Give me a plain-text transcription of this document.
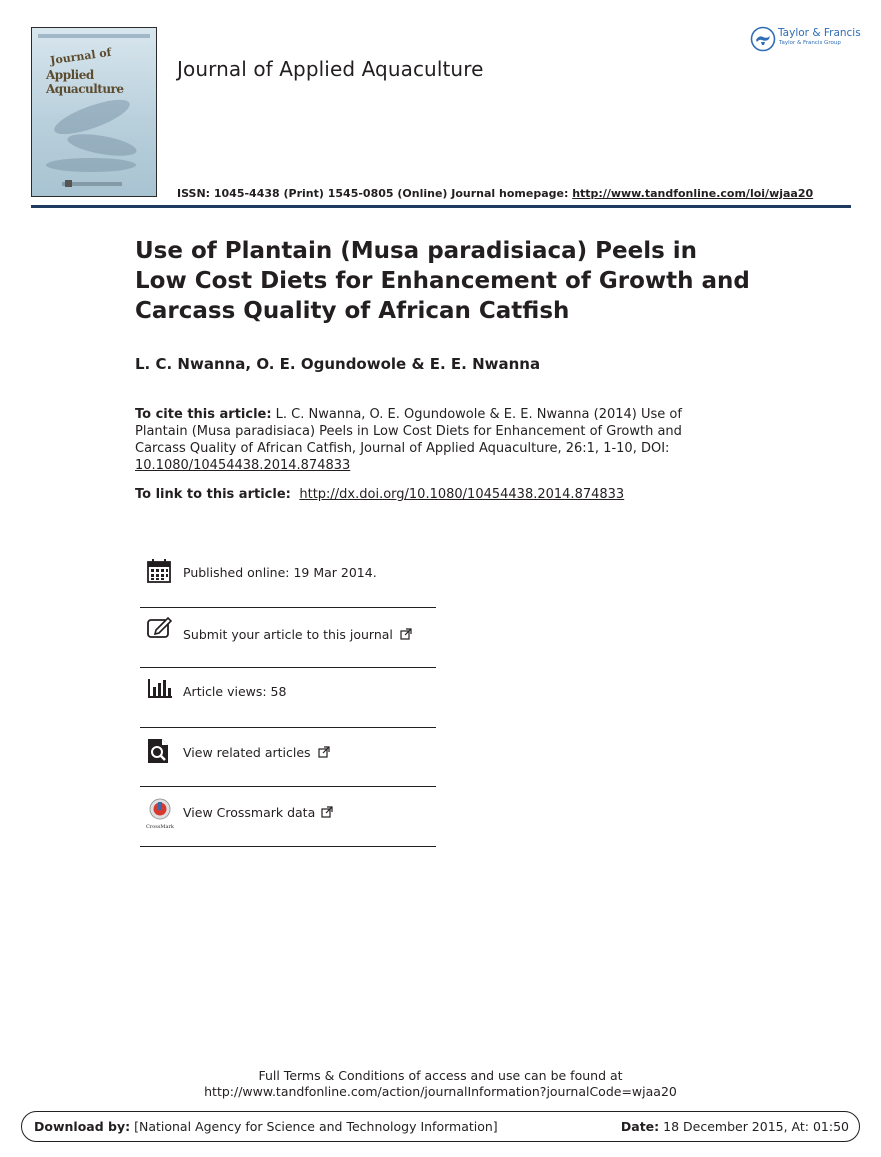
Journal of
Applied Aquaculture
Journal of Applied Aquaculture
ISSN: 1045-4438 (Print) 1545-0805 (Online) Journal homepage: http://www.tandfonline.com/loi/wjaa20
Taylor & Francis
Taylor & Francis Group
Use of Plantain (Musa paradisiaca) Peels in Low Cost Diets for Enhancement of Growth and Carcass Quality of African Catfish
L. C. Nwanna, O. E. Ogundowole & E. E. Nwanna
To cite this article: L. C. Nwanna, O. E. Ogundowole & E. E. Nwanna (2014) Use of Plantain (Musa paradisiaca) Peels in Low Cost Diets for Enhancement of Growth and Carcass Quality of African Catfish, Journal of Applied Aquaculture, 26:1, 1-10, DOI: 10.1080/10454438.2014.874833
To link to this article: http://dx.doi.org/10.1080/10454438.2014.874833
Published online: 19 Mar 2014.
Submit your article to this journal
Article views: 58
View related articles
CrossMark
View Crossmark data
Full Terms & Conditions of access and use can be found at
http://www.tandfonline.com/action/journalInformation?journalCode=wjaa20
Download by: [National Agency for Science and Technology Information]	Date: 18 December 2015, At: 01:50
